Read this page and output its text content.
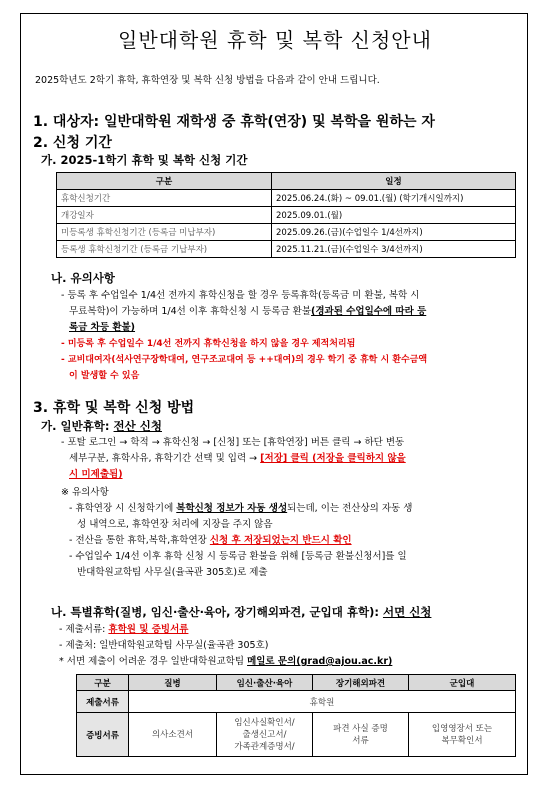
일반대학원 휴학 및 복학 신청안내
2025학년도 2학기 휴학, 휴학연장 및 복학 신청 방법을 다음과 같이 안내 드립니다.
1. 대상자: 일반대학원 재학생 중 휴학(연장) 및 복학을 원하는 자
2. 신청 기간
가. 2025-1학기 휴학 및 복학 신청 기간
구분	일정
휴학신청기간	2025.06.24.(화) ~ 09.01.(월) (학기개시일까지)
개강일자	2025.09.01.(월)
미등록생 휴학신청기간 (등록금 미납부자)	2025.09.26.(금)(수업일수 1/4선까지)
등록생 휴학신청기간 (등록금 기납부자)	2025.11.21.(금)(수업일수 3/4선까지)
나. 유의사항
- 등록 후 수업일수 1/4선 전까지 휴학신청을 할 경우 등록휴학(등록금 미 환불, 복학 시
무료복학)이 가능하며 1/4선 이후 휴학신청 시 등록금 환불(경과된 수업일수에 따라 등
록금 차등 환불)
- 미등록 후 수업일수 1/4선 전까지 휴학신청을 하지 않을 경우 제적처리됨
- 교비대여자(석사연구장학대여, 연구조교대여 등 ++대여)의 경우 학기 중 휴학 시 환수금액
이 발생할 수 있음
3. 휴학 및 복학 신청 방법
가. 일반휴학: 전산 신청
- 포탈 로그인 → 학적 → 휴학신청 → [신청] 또는 [휴학연장] 버튼 클릭 → 하단 변동
세부구분, 휴학사유, 휴학기간 선택 및 입력 → [저장] 클릭 (저장을 클릭하지 않을
시 미제출됨)
※ 유의사항
- 휴학연장 시 신청학기에 복학신청 정보가 자동 생성되는데, 이는 전산상의 자동 생
성 내역으로, 휴학연장 처리에 지장을 주지 않음
- 전산을 통한 휴학,복학,휴학연장 신청 후 저장되었는지 반드시 확인
- 수업일수 1/4선 이후 휴학 신청 시 등록금 환불을 위해 [등록금 환불신청서]를 일
반대학원교학팀 사무실(율곡관 305호)로 제출
나. 특별휴학(질병, 임신·출산·육아, 장기해외파견, 군입대 휴학): 서면 신청
- 제출서류: 휴학원 및 증빙서류
- 제출처: 일반대학원교학팀 사무실(율곡관 305호)
* 서면 제출이 어려운 경우 일반대학원교학팀 메일로 문의(grad@ajou.ac.kr)
구분	질병	임신·출산·육아	장기해외파견	군입대
제출서류	휴학원			
증빙서류	의사소견서	임신사실확인서/
출생신고서/
가족관계증명서/	파견 사실 증명
서류	입영영장서 또는
복무확인서
